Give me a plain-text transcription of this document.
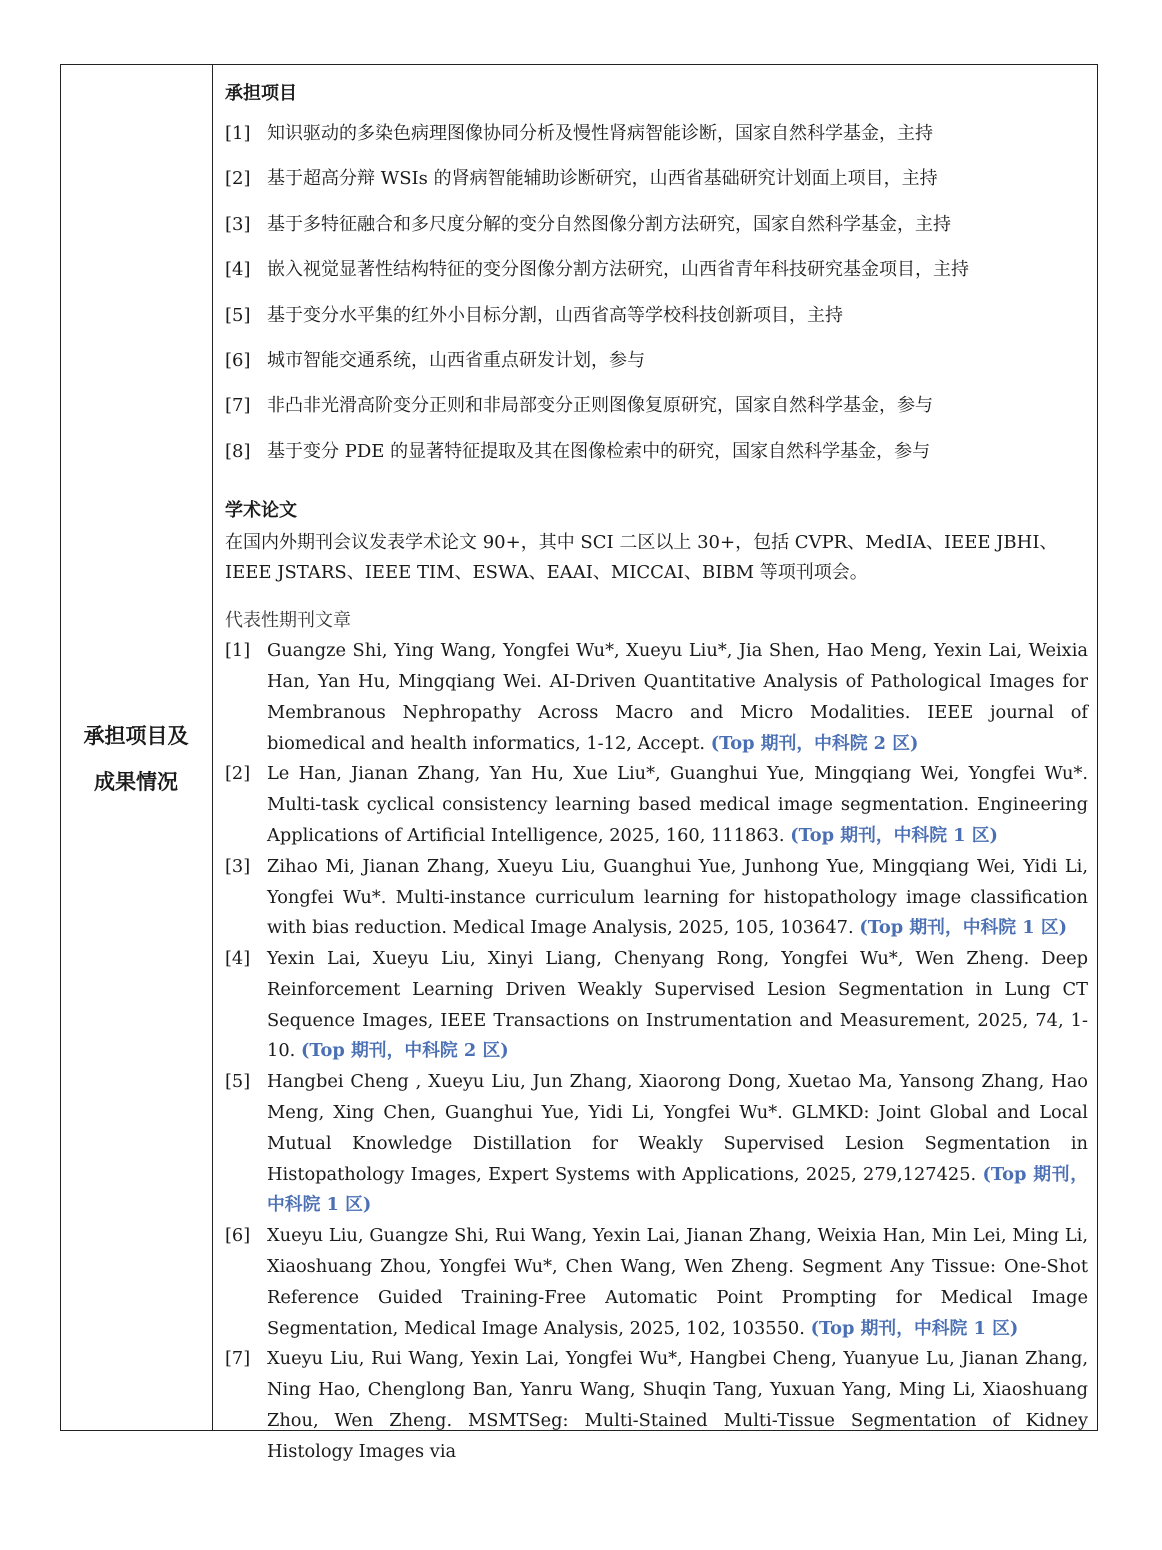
承担项目及
成果情况

承担项目

[1] 知识驱动的多染色病理图像协同分析及慢性肾病智能诊断，国家自然科学基金，主持

[2] 基于超高分辩 WSIs 的肾病智能辅助诊断研究，山西省基础研究计划面上项目，主持

[3] 基于多特征融合和多尺度分解的变分自然图像分割方法研究，国家自然科学基金，主持

[4] 嵌入视觉显著性结构特征的变分图像分割方法研究，山西省青年科技研究基金项目，主持

[5] 基于变分水平集的红外小目标分割，山西省高等学校科技创新项目，主持

[6] 城市智能交通系统，山西省重点研发计划，参与

[7] 非凸非光滑高阶变分正则和非局部变分正则图像复原研究，国家自然科学基金，参与

[8] 基于变分 PDE 的显著特征提取及其在图像检索中的研究，国家自然科学基金，参与

学术论文

在国内外期刊会议发表学术论文 90+，其中 SCI 二区以上 30+，包括 CVPR、MedIA、IEEE JBHI、IEEE JSTARS、IEEE TIM、ESWA、EAAI、MICCAI、BIBM 等项刊项会。

代表性期刊文章

[1] Guangze Shi, Ying Wang, Yongfei Wu*, Xueyu Liu*, Jia Shen, Hao Meng, Yexin Lai, Weixia Han, Yan Hu, Mingqiang Wei. AI-Driven Quantitative Analysis of Pathological Images for Membranous Nephropathy Across Macro and Micro Modalities. IEEE journal of biomedical and health informatics, 1-12, Accept. (Top 期刊，中科院 2 区)

[2] Le Han, Jianan Zhang, Yan Hu, Xue Liu*, Guanghui Yue, Mingqiang Wei, Yongfei Wu*. Multi-task cyclical consistency learning based medical image segmentation. Engineering Applications of Artificial Intelligence, 2025, 160, 111863. (Top 期刊，中科院 1 区)

[3] Zihao Mi, Jianan Zhang, Xueyu Liu, Guanghui Yue, Junhong Yue, Mingqiang Wei, Yidi Li, Yongfei Wu*. Multi-instance curriculum learning for histopathology image classification with bias reduction. Medical Image Analysis, 2025, 105, 103647. (Top 期刊，中科院 1 区)

[4] Yexin Lai, Xueyu Liu, Xinyi Liang, Chenyang Rong, Yongfei Wu*, Wen Zheng. Deep Reinforcement Learning Driven Weakly Supervised Lesion Segmentation in Lung CT Sequence Images, IEEE Transactions on Instrumentation and Measurement, 2025, 74, 1-10. (Top 期刊，中科院 2 区)

[5] Hangbei Cheng , Xueyu Liu, Jun Zhang, Xiaorong Dong, Xuetao Ma, Yansong Zhang, Hao Meng, Xing Chen, Guanghui Yue, Yidi Li, Yongfei Wu*. GLMKD: Joint Global and Local Mutual Knowledge Distillation for Weakly Supervised Lesion Segmentation in Histopathology Images, Expert Systems with Applications, 2025, 279,127425. (Top 期刊，中科院 1 区)

[6] Xueyu Liu, Guangze Shi, Rui Wang, Yexin Lai, Jianan Zhang, Weixia Han, Min Lei, Ming Li, Xiaoshuang Zhou, Yongfei Wu*, Chen Wang, Wen Zheng. Segment Any Tissue: One-Shot Reference Guided Training-Free Automatic Point Prompting for Medical Image Segmentation, Medical Image Analysis, 2025, 102, 103550. (Top 期刊，中科院 1 区)

[7] Xueyu Liu, Rui Wang, Yexin Lai, Yongfei Wu*, Hangbei Cheng, Yuanyue Lu, Jianan Zhang, Ning Hao, Chenglong Ban, Yanru Wang, Shuqin Tang, Yuxuan Yang, Ming Li, Xiaoshuang Zhou, Wen Zheng. MSMTSeg: Multi-Stained Multi-Tissue Segmentation of Kidney Histology Images via
